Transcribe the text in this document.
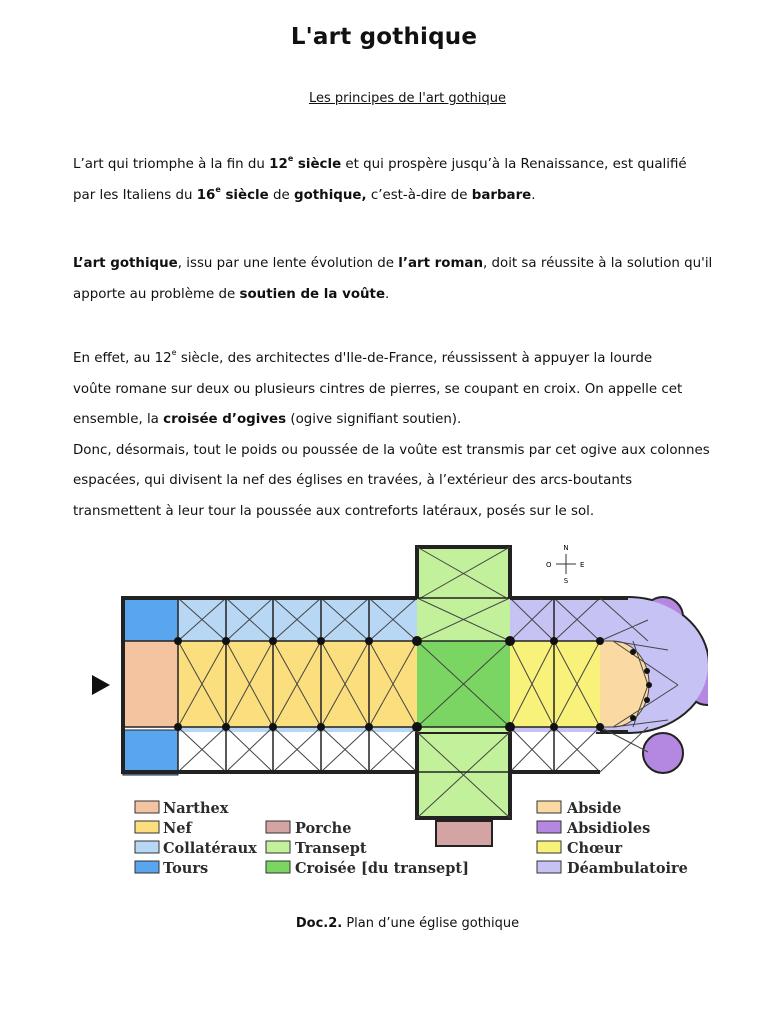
L'art gothique
Les principes de l'art gothique

L’art qui triomphe à la fin du 12e siècle et qui prospère jusqu’à la Renaissance, est qualifié
par les Italiens du 16e siècle de gothique, c’est-à-dire de barbare.

L’art gothique, issu par une lente évolution de l’art roman, doit sa réussite à la solution qu'il
apporte au problème de soutien de la voûte.

En effet, au 12e siècle, des architectes d'Ile-de-France, réussissent à appuyer la lourde
voûte romane sur deux ou plusieurs cintres de pierres, se coupant en croix. On appelle cet
ensemble, la croisée d’ogives (ogive signifiant soutien).
Donc, désormais, tout le poids ou poussée de la voûte est transmis par cet ogive aux colonnes
espacées, qui divisent la nef des églises en travées, à l’extérieur des arcs-boutants
transmettent à leur tour la poussée aux contreforts latéraux, posés sur le sol.

N
S
E
O
Narthex
Nef
Collatéraux
Tours
Porche
Transept
Croisée [du transept]
Abside
Absidioles
Chœur
Déambulatoire
Doc.2. Plan d’une église gothique
